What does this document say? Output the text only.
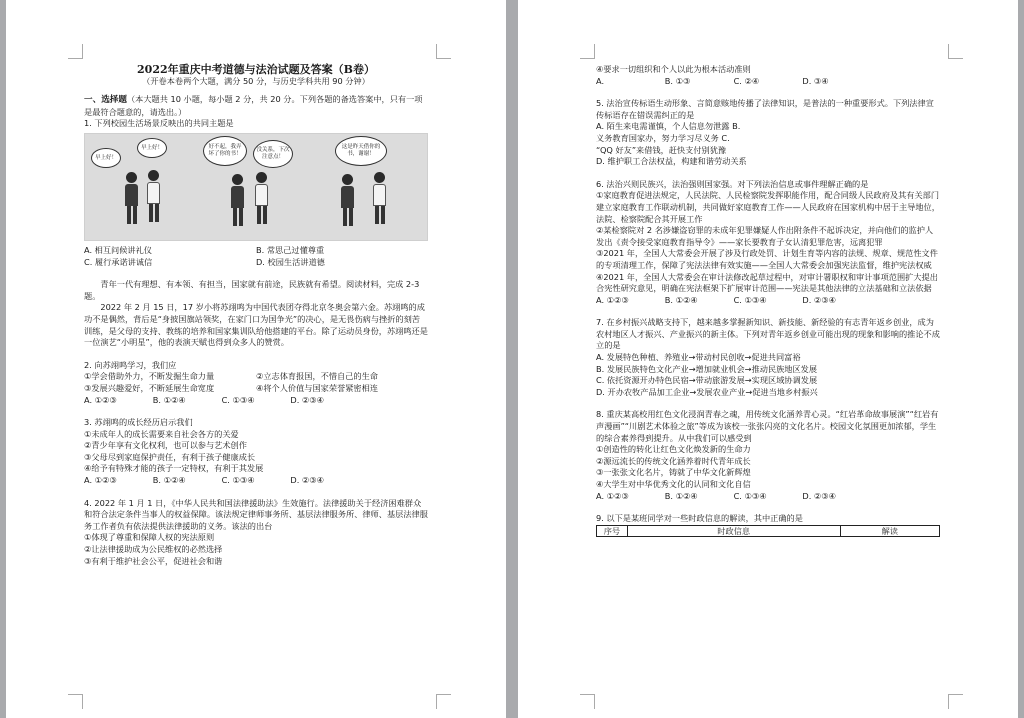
2022年重庆中考道德与法治试题及答案（B卷）
（开卷本卷两个大题，满分 50 分，与历史学科共用 90 分钟）

一、选择题（本大题共 10 小题，每小题 2 分，共 20 分。下列各题的备选答案中，只有一项是最符合题意的，请选出。）

1. 下列校园生活场景反映出的共同主题是

早上好！
早上好！	好不起，我弄坏了你的书！
没关系，下次注意点！
这是昨天借你的书，谢谢！
A. 相互问候讲礼仪	B. 常思己过懂尊重
C. 履行承诺讲诚信	D. 校园生活讲道德

青年一代有理想、有本领、有担当，国家就有前途，民族就有希望。阅读材料，完成 2-3 题。

2022 年 2 月 15 日，17 岁小将苏翊鸣为中国代表团夺得北京冬奥会第六金。苏翊鸣的成功不是偶然，背后是“身披国旗站领奖，在家门口为国争光”的决心，是无畏伤病与挫折的刻苦训练，是父母的支持、教练的培养和国家集训队给他搭建的平台。除了运动员身份，苏翊鸣还是一位演艺“小明星”，他的表演天赋也得到众多人的赞赏。

2. 向苏翊鸣学习，我们应

①学会借助外力，不断发掘生命力量	②立志体育报国，不惜自己的生命
③发展兴趣爱好，不断延展生命宽度	④将个人价值与国家荣誉紧密相连
A. ①②③	B. ①②④	C. ①③④	D. ②③④

3. 苏翊鸣的成长经历启示我们

①未成年人的成长需要来自社会各方的关爱

②青少年享有文化权利，也可以参与艺术创作

③父母尽到家庭保护责任，有利于孩子健康成长

④给予有特殊才能的孩子一定特权，有利于其发展

A. ①②③	B. ①②④	C. ①③④	D. ②③④

4. 2022 年 1 月 1 日，《中华人民共和国法律援助法》生效施行。法律援助关于经济困难群众和符合法定条件当事人的权益保障。该法规定律师事务所、基层法律服务所、律师、基层法律服务工作者负有依法提供法律援助的义务。该法的出台

①体现了尊重和保障人权的宪法原则

②让法律援助成为公民维权的必然选择

③有利于维护社会公平，促进社会和谐

④要求一切组织和个人以此为根本活动准则

A.	B. ①③	C. ②④	D. ③④

5. 法治宣传标语生动形象、言简意赅地传播了法律知识，是普法的一种重要形式。下列法律宣传标语存在错误需纠正的是

A. 陌生来电需谨慎，个人信息勿泄露 B.

义务教育国家办，努力学习尽义务 C.

“QQ 好友”来借钱，赶快支付别犹豫

D. 维护职工合法权益，构建和谐劳动关系

6. 法治兴则民族兴，法治强则国家强。对下列法治信息或事件理解正确的是

①家庭教育促进法规定，人民法院、人民检察院发挥职能作用，配合同级人民政府及其有关部门建立家庭教育工作联动机制，共同做好家庭教育工作——人民政府在国家机构中居于主导地位，法院、检察院配合其开展工作

②某检察院对 2 名涉嫌盗窃罪的未成年犯罪嫌疑人作出附条件不起诉决定，并向他们的监护人发出《责令接受家庭教育指导令》——家长要教育子女认清犯罪危害，远离犯罪

③2021 年，全国人大常委会开展了涉及行政处罚、计划生育等内容的法规、规章、规范性文件的专项清理工作，保障了宪法法律有效实施——全国人大常委会加强宪法监督，维护宪法权威

④2021 年，全国人大常委会在审计法修改起草过程中，对审计署职权和审计事项范围扩大提出合宪性研究意见，明确在宪法框架下扩展审计范围——宪法是其他法律的立法基础和立法依据

A. ①②③	B. ①②④	C. ①③④	D. ②③④

7. 在乡村振兴战略支持下，越来越多掌握新知识、新技能、新经验的有志青年返乡创业，成为农村地区人才振兴、产业振兴的新主体。下列对青年返乡创业可能出现的现象和影响的推论不成立的是

A. 发展特色种植、养殖业→带动村民创收→促进共同富裕

B. 发展民族特色文化产业→增加就业机会→推动民族地区发展

C. 依托资源开办特色民宿→带动旅游发展→实现区域协调发展

D. 开办农牧产品加工企业→发展农业产业→促进当地乡村振兴

8. 重庆某高校用红色文化浸润青春之魂，用传统文化涵养青心灵。“红岩革命故事展演”“红岩有声漫画”“川剧艺术体验之旅”等成为该校一张张闪亮的文化名片。校园文化氛围更加浓郁，学生的综合素养得到提升。从中我们可以感受到

①创造性的转化让红色文化焕发新的生命力

②源远流长的传统文化涵养着时代青年成长

③一张张文化名片，铸就了中华文化新辉煌

④大学生对中华优秀文化的认同和文化自信

A. ①②③	B. ①②④	C. ①③④	D. ②③④

9. 以下是某班同学对一些时政信息的解读，其中正确的是

序号	时政信息	解读
